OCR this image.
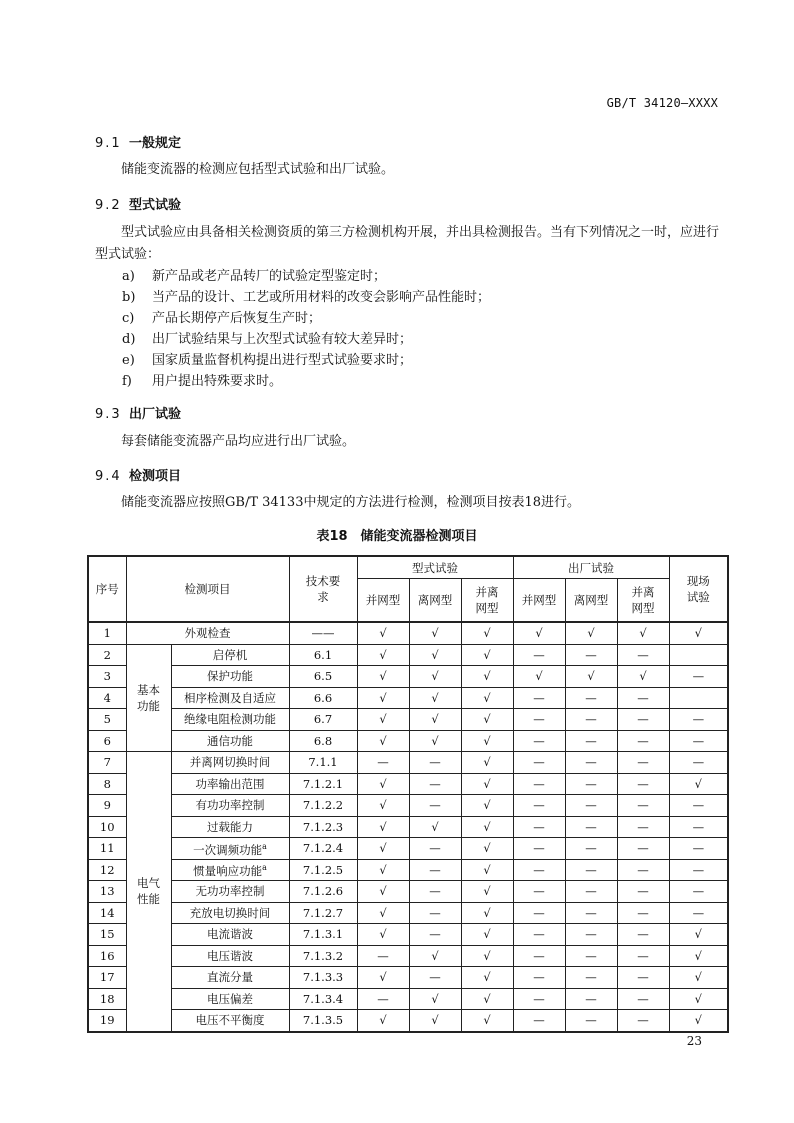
GB/T 34120—XXXX
9.1 一般规定
储能变流器的检测应包括型式试验和出厂试验。
9.2 型式试验
型式试验应由具备相关检测资质的第三方检测机构开展，并出具检测报告。当有下列情况之一时，应进行型式试验：
a) 新产品或老产品转厂的试验定型鉴定时；
b) 当产品的设计、工艺或所用材料的改变会影响产品性能时；
c) 产品长期停产后恢复生产时；
d) 出厂试验结果与上次型式试验有较大差异时；
e) 国家质量监督机构提出进行型式试验要求时；
f) 用户提出特殊要求时。
9.3 出厂试验
每套储能变流器产品均应进行出厂试验。
9.4 检测项目
储能变流器应按照GB/T 34133中规定的方法进行检测，检测项目按表18进行。
表18　储能变流器检测项目
序号	检测项目		技术要求	型式试验			出厂试验			现场试验
				并网型	离网型	并离网型	并网型	离网型	并离网型	
1	外观检查		——	√	√	√	√	√	√	√
2	基本功能	启停机	6.1	√	√	√	—	—	—	
3		保护功能	6.5	√	√	√	√	√	√	—
4		相序检测及自适应	6.6	√	√	√	—	—	—	
5		绝缘电阻检测功能	6.7	√	√	√	—	—	—	—
6		通信功能	6.8	√	√	√	—	—	—	—
7	电气性能	并离网切换时间	7.1.1	—	—	√	—	—	—	—
8		功率输出范围	7.1.2.1	√	—	√	—	—	—	√
9		有功功率控制	7.1.2.2	√	—	√	—	—	—	—
10		过载能力	7.1.2.3	√	√	√	—	—	—	—
11		一次调频功能$^a$	7.1.2.4	√	—	√	—	—	—	—
12		惯量响应功能$^a$	7.1.2.5	√	—	√	—	—	—	—
13		无功功率控制	7.1.2.6	√	—	√	—	—	—	—
14		充放电切换时间	7.1.2.7	√	—	√	—	—	—	—
15		电流谐波	7.1.3.1	√	—	√	—	—	—	√
16		电压谐波	7.1.3.2	—	√	√	—	—	—	√
17		直流分量	7.1.3.3	√	—	√	—	—	—	√
18		电压偏差	7.1.3.4	—	√	√	—	—	—	√
19		电压不平衡度	7.1.3.5	√	√	√	—	—	—	√
23
